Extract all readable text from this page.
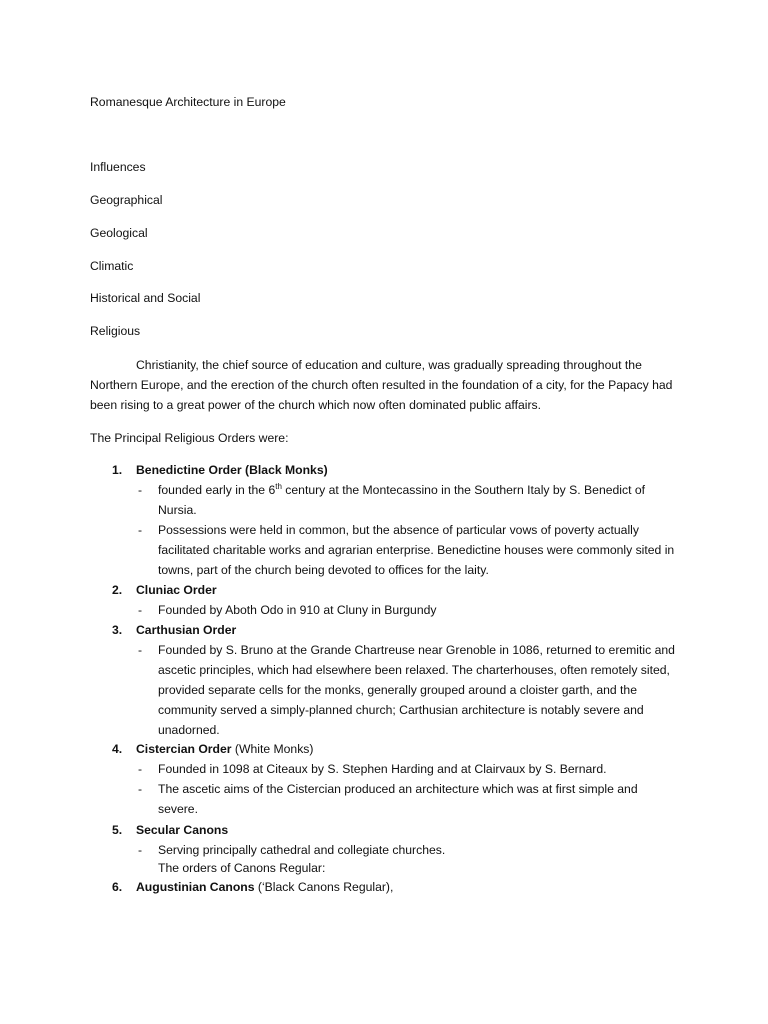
Romanesque Architecture in Europe
Influences
Geographical
Geological
Climatic
Historical and Social
Religious
Christianity, the chief source of education and culture, was gradually spreading throughout the Northern Europe, and the erection of the church often resulted in the foundation of a city, for the Papacy had been rising to a great power of the church which now often dominated public affairs.
The Principal Religious Orders were:
1. Benedictine Order (Black Monks)
- founded early in the 6th century at the Montecassino in the Southern Italy by S. Benedict of Nursia.
- Possessions were held in common, but the absence of particular vows of poverty actually facilitated charitable works and agrarian enterprise. Benedictine houses were commonly sited in towns, part of the church being devoted to offices for the laity.
2. Cluniac Order
- Founded by Aboth Odo in 910 at Cluny in Burgundy
3. Carthusian Order
- Founded by S. Bruno at the Grande Chartreuse near Grenoble in 1086, returned to eremitic and ascetic principles, which had elsewhere been relaxed. The charterhouses, often remotely sited, provided separate cells for the monks, generally grouped around a cloister garth, and the community served a simply-planned church; Carthusian architecture is notably severe and unadorned.
4. Cistercian Order (White Monks)
- Founded in 1098 at Citeaux by S. Stephen Harding and at Clairvaux by S. Bernard.
- The ascetic aims of the Cistercian produced an architecture which was at first simple and severe.
5. Secular Canons
- Serving principally cathedral and collegiate churches.
The orders of Canons Regular:
6. Augustinian Canons (‘Black Canons Regular),
